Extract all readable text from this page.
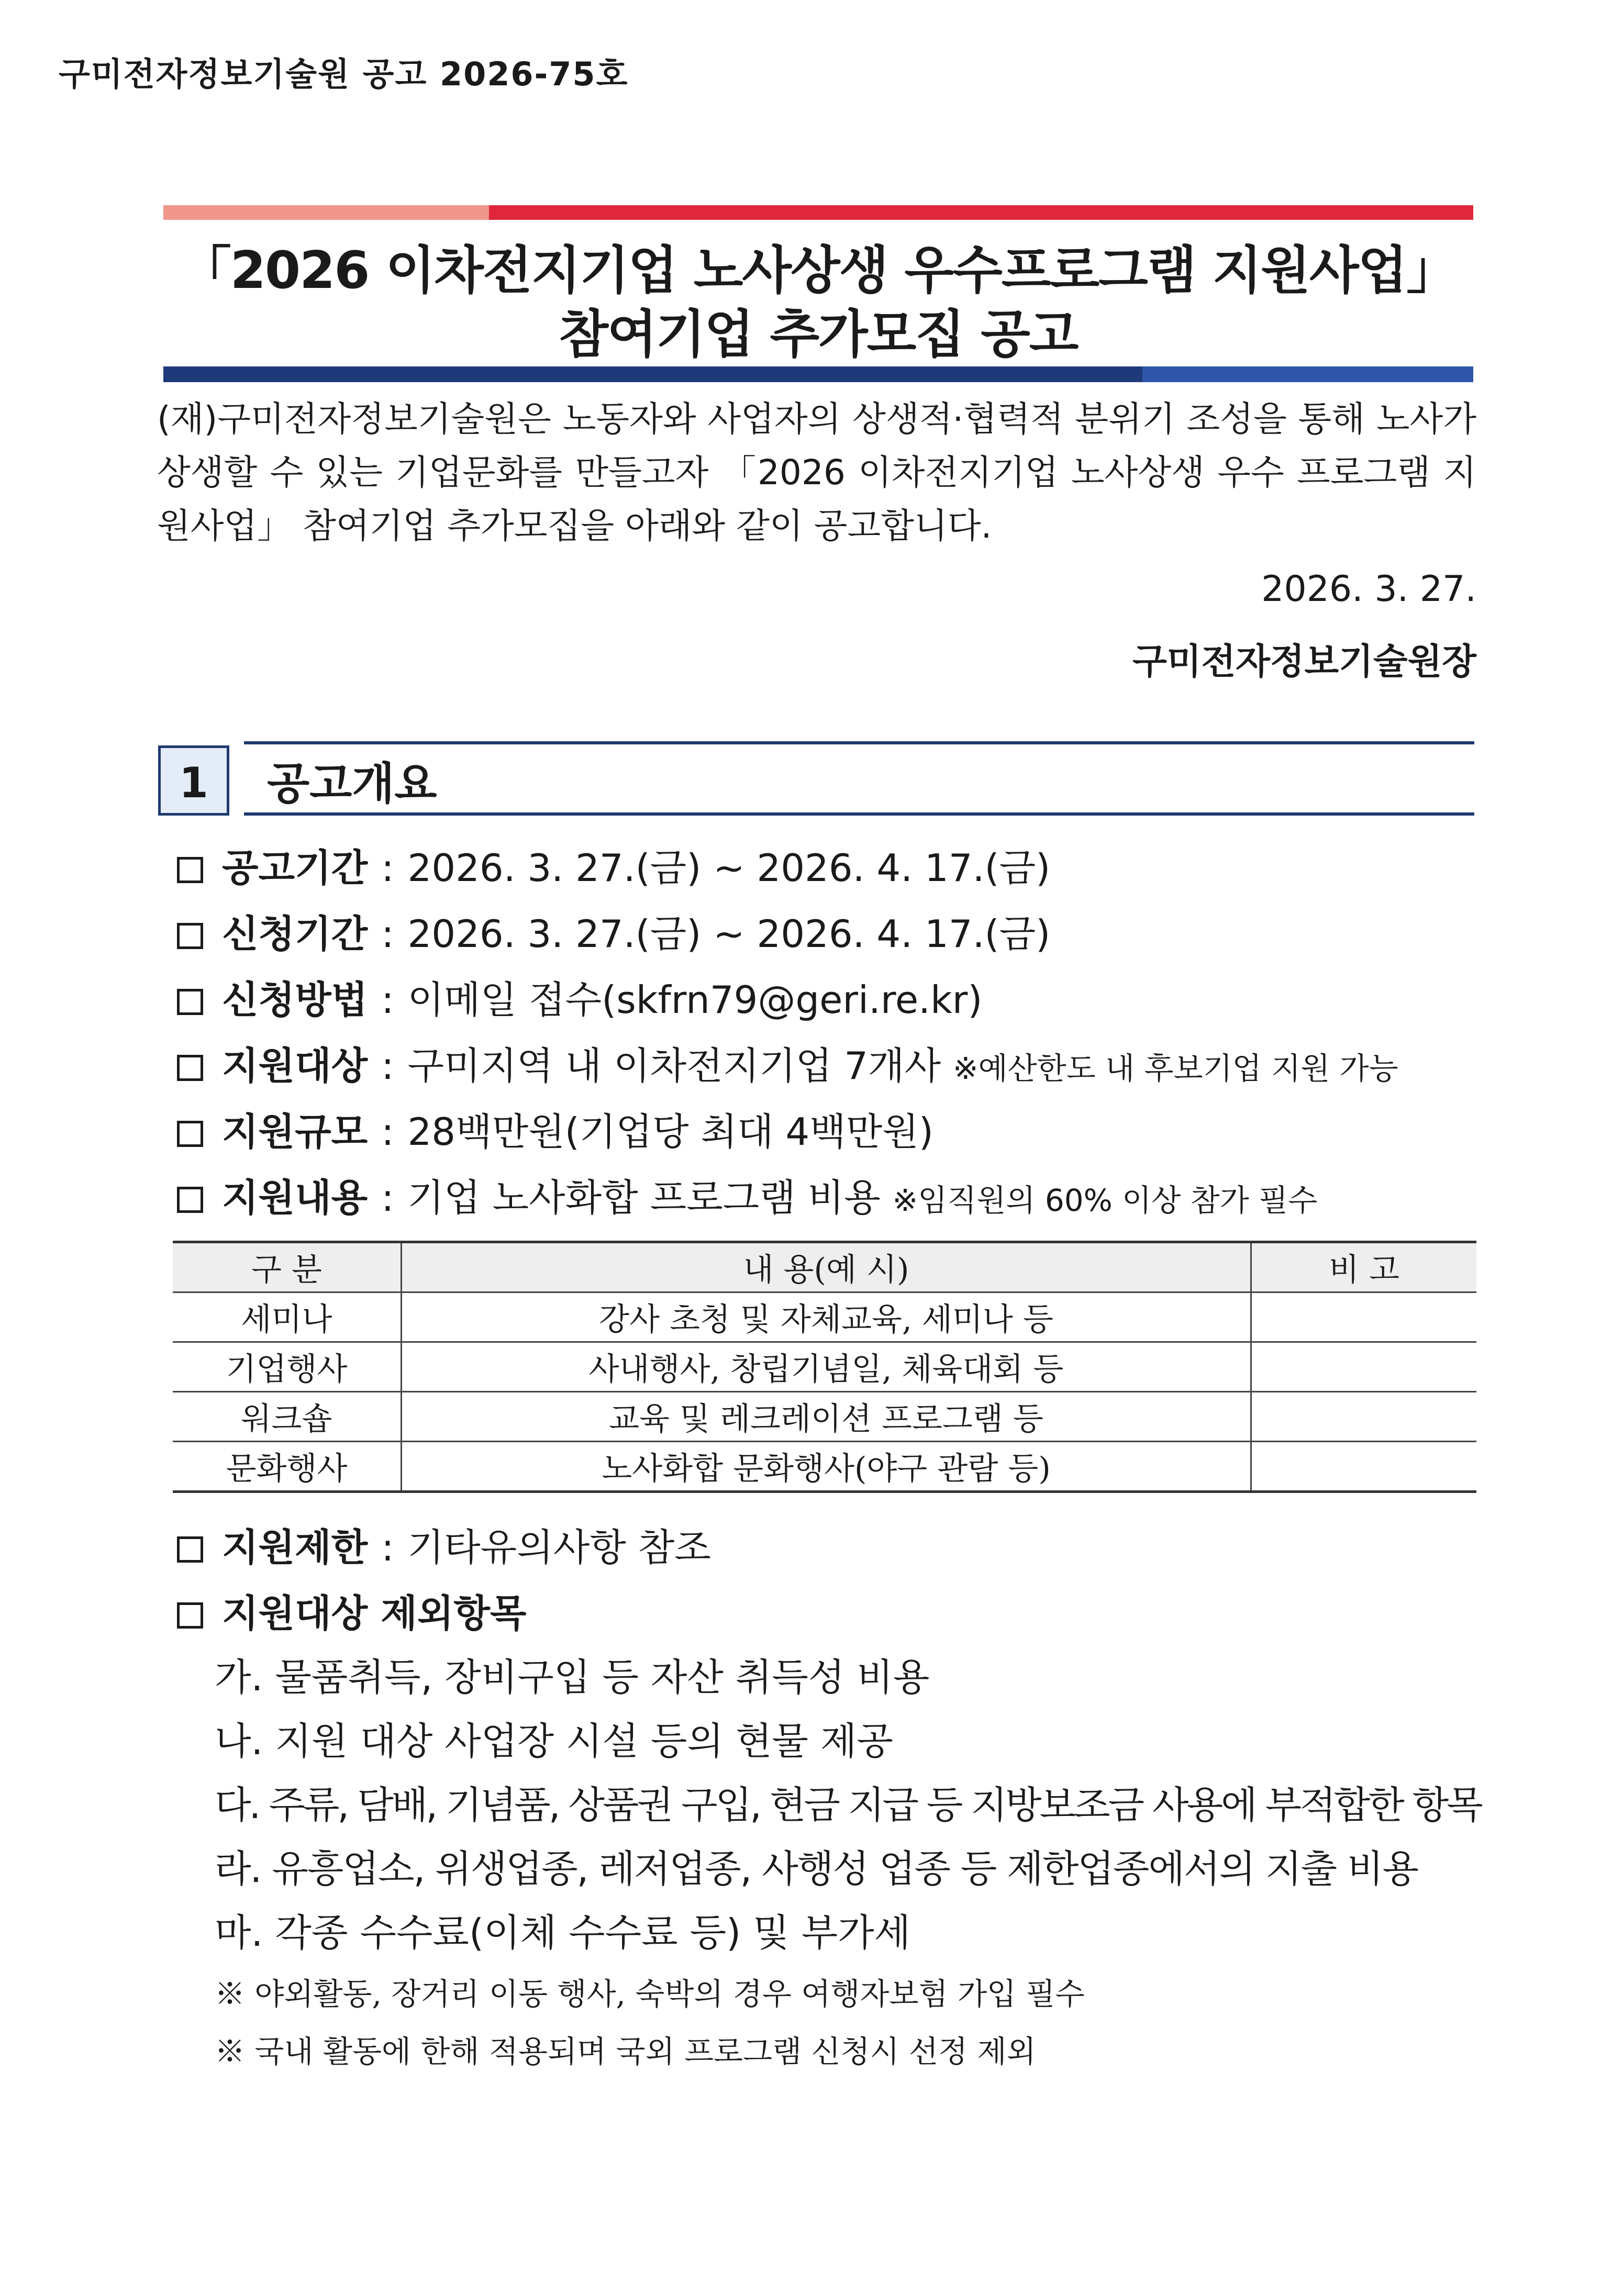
구미전자정보기술원 공고 2026-75호
「2026 이차전지기업 노사상생 우수프로그램 지원사업」
참여기업 추가모집 공고
(재)구미전자정보기술원은 노동자와 사업자의 상생적·협력적 분위기 조성을 통해 노사가 상생할 수 있는 기업문화를 만들고자 「2026 이차전지기업 노사상생 우수 프로그램 지원사업」 참여기업 추가모집을 아래와 같이 공고합니다.
2026. 3. 27.
구미전자정보기술원장
1	공고개요
공고기간 : 2026. 3. 27.(금) ~ 2026. 4. 17.(금)
신청기간 : 2026. 3. 27.(금) ~ 2026. 4. 17.(금)
신청방법 : 이메일 접수(skfrn79@geri.re.kr)
지원대상 : 구미지역 내 이차전지기업 7개사 ※예산한도 내 후보기업 지원 가능
지원규모 : 28백만원(기업당 최대 4백만원)
지원내용 : 기업 노사화합 프로그램 비용 ※임직원의 60% 이상 참가 필수
구 분	내 용(예 시)	비 고
세미나	강사 초청 및 자체교육, 세미나 등	
기업행사	사내행사, 창립기념일, 체육대회 등	
워크숍	교육 및 레크레이션 프로그램 등	
문화행사	노사화합 문화행사(야구 관람 등)	
지원제한 : 기타유의사항 참조
지원대상 제외항목
가. 물품취득, 장비구입 등 자산 취득성 비용
나. 지원 대상 사업장 시설 등의 현물 제공
다. 주류, 담배, 기념품, 상품권 구입, 현금 지급 등 지방보조금 사용에 부적합한 항목
라. 유흥업소, 위생업종, 레저업종, 사행성 업종 등 제한업종에서의 지출 비용
마. 각종 수수료(이체 수수료 등) 및 부가세
※ 야외활동, 장거리 이동 행사, 숙박의 경우 여행자보험 가입 필수
※ 국내 활동에 한해 적용되며 국외 프로그램 신청시 선정 제외
